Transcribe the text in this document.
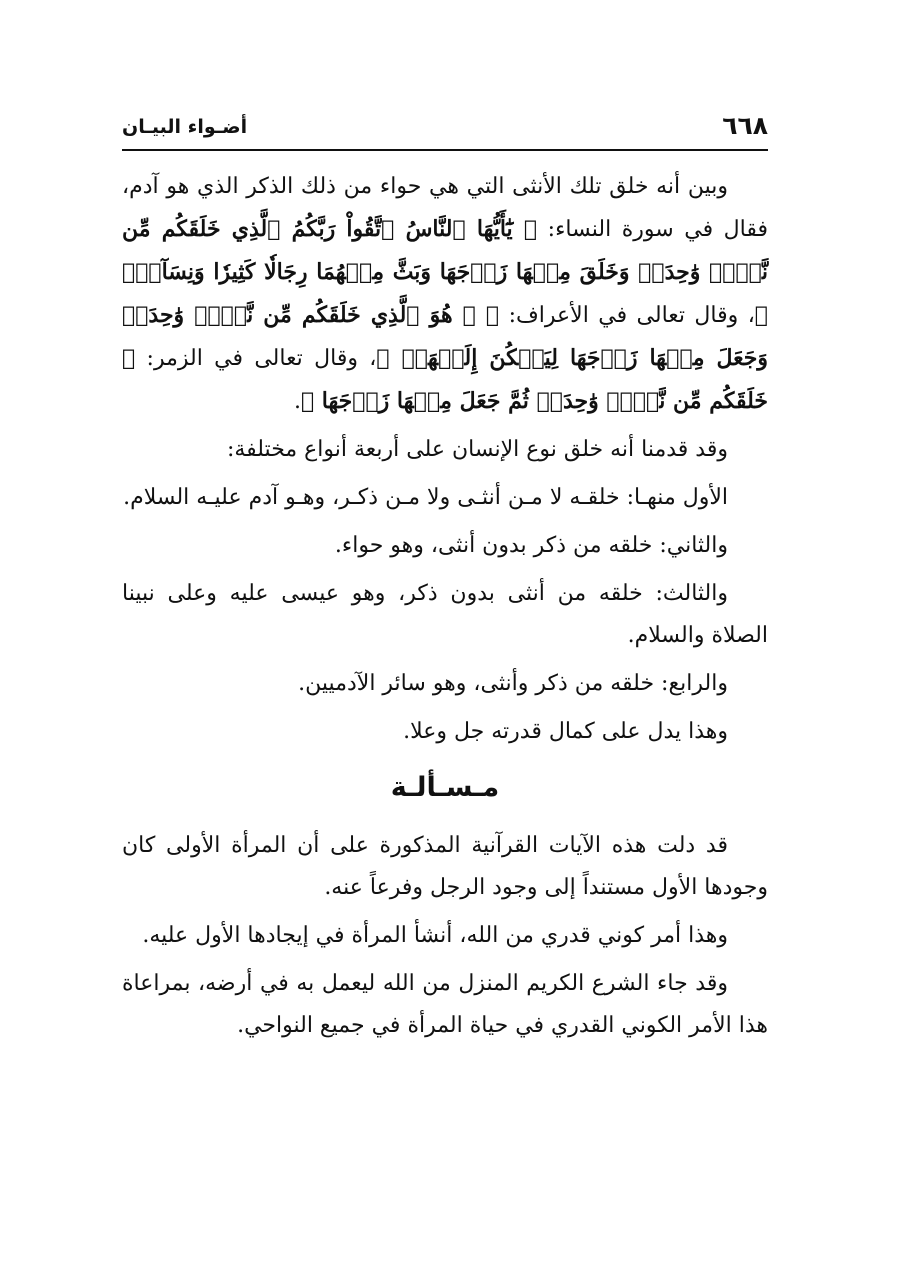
٦٦٨
أضـواء البيـان

وبين أنه خلق تلك الأنثى التي هي حواء من ذلك الذكر الذي هو آدم، فقال في سورة النساء: ﴿ يَٰٓأَيُّهَا ٱلنَّاسُ ٱتَّقُواْ رَبَّكُمُ ٱلَّذِي خَلَقَكُم مِّن نَّفۡسٖ وَٰحِدَةٖ وَخَلَقَ مِنۡهَا زَوۡجَهَا وَبَثَّ مِنۡهُمَا رِجَالٗا كَثِيرٗا وَنِسَآءٗۚ ﴾، وقال تعالى في الأعراف: ﴿ ۞ هُوَ ٱلَّذِي خَلَقَكُم مِّن نَّفۡسٖ وَٰحِدَةٖ وَجَعَلَ مِنۡهَا زَوۡجَهَا لِيَسۡكُنَ إِلَيۡهَاۖ ﴾، وقال تعالى في الزمر: ﴿ خَلَقَكُم مِّن نَّفۡسٖ وَٰحِدَةٖ ثُمَّ جَعَلَ مِنۡهَا زَوۡجَهَا ﴾.

وقد قدمنا أنه خلق نوع الإنسان على أربعة أنواع مختلفة:

الأول منهـا: خلقـه لا مـن أنثـى ولا مـن ذكـر، وهـو آدم عليـه السلام.

والثاني: خلقه من ذكر بدون أنثى، وهو حواء.

والثالث: خلقه من أنثى بدون ذكر، وهو عيسى عليه وعلى نبينا الصلاة والسلام.

والرابع: خلقه من ذكر وأنثى، وهو سائر الآدميين.

وهذا يدل على كمال قدرته جل وعلا.

مـسـألـة

قد دلت هذه الآيات القرآنية المذكورة على أن المرأة الأولى كان وجودها الأول مستنداً إلى وجود الرجل وفرعاً عنه.

وهذا أمر كوني قدري من الله، أنشأ المرأة في إيجادها الأول عليه.

وقد جاء الشرع الكريم المنزل من الله ليعمل به في أرضه، بمراعاة هذا الأمر الكوني القدري في حياة المرأة في جميع النواحي.
